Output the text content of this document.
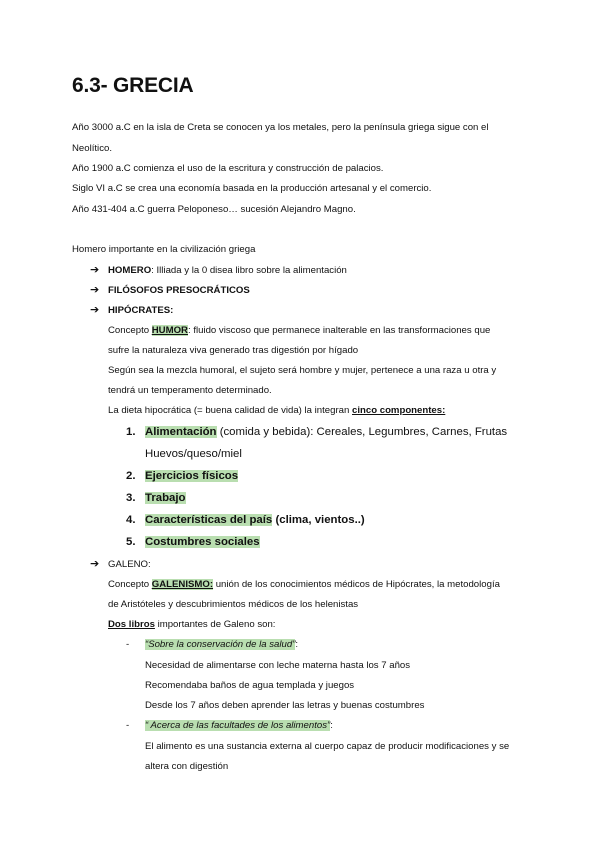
6.3- GRECIA
Año 3000 a.C en la isla de Creta se conocen ya los metales, pero la península griega sigue con el
Neolítico.
Año 1900 a.C comienza el uso de la escritura y construcción de palacios.
Siglo VI a.C se crea una economía basada en la producción artesanal y el comercio.
Año 431-404 a.C guerra Peloponeso… sucesión Alejandro Magno.
Homero importante en la civilización griega
➔ HOMERO: Illiada y la 0 disea libro sobre la alimentación
➔ FILÓSOFOS PRESOCRÁTICOS
➔ HIPÓCRATES:
Concepto HUMOR: fluido viscoso que permanece inalterable en las transformaciones que
sufre la naturaleza viva generado tras digestión por hígado
Según sea la mezcla humoral, el sujeto será hombre y mujer, pertenece a una raza u otra y
tendrá un temperamento determinado.
La dieta hipocrática (= buena calidad de vida) la integran cinco componentes:
1. Alimentación (comida y bebida): Cereales, Legumbres, Carnes, Frutas
Huevos/queso/miel
2. Ejercicios físicos
3. Trabajo
4. Características del país (clima, vientos..)
5. Costumbres sociales
➔ GALENO:
Concepto GALENISMO: unión de los conocimientos médicos de Hipócrates, la metodología
de Aristóteles y descubrimientos médicos de los helenistas
Dos libros importantes de Galeno son:
- “Sobre la conservación de la salud”:
Necesidad de alimentarse con leche materna hasta los 7 años
Recomendaba baños de agua templada y juegos
Desde los 7 años deben aprender las letras y buenas costumbres
- “ Acerca de las facultades de los alimentos”:
El alimento es una sustancia externa al cuerpo capaz de producir modificaciones y se
altera con digestión
